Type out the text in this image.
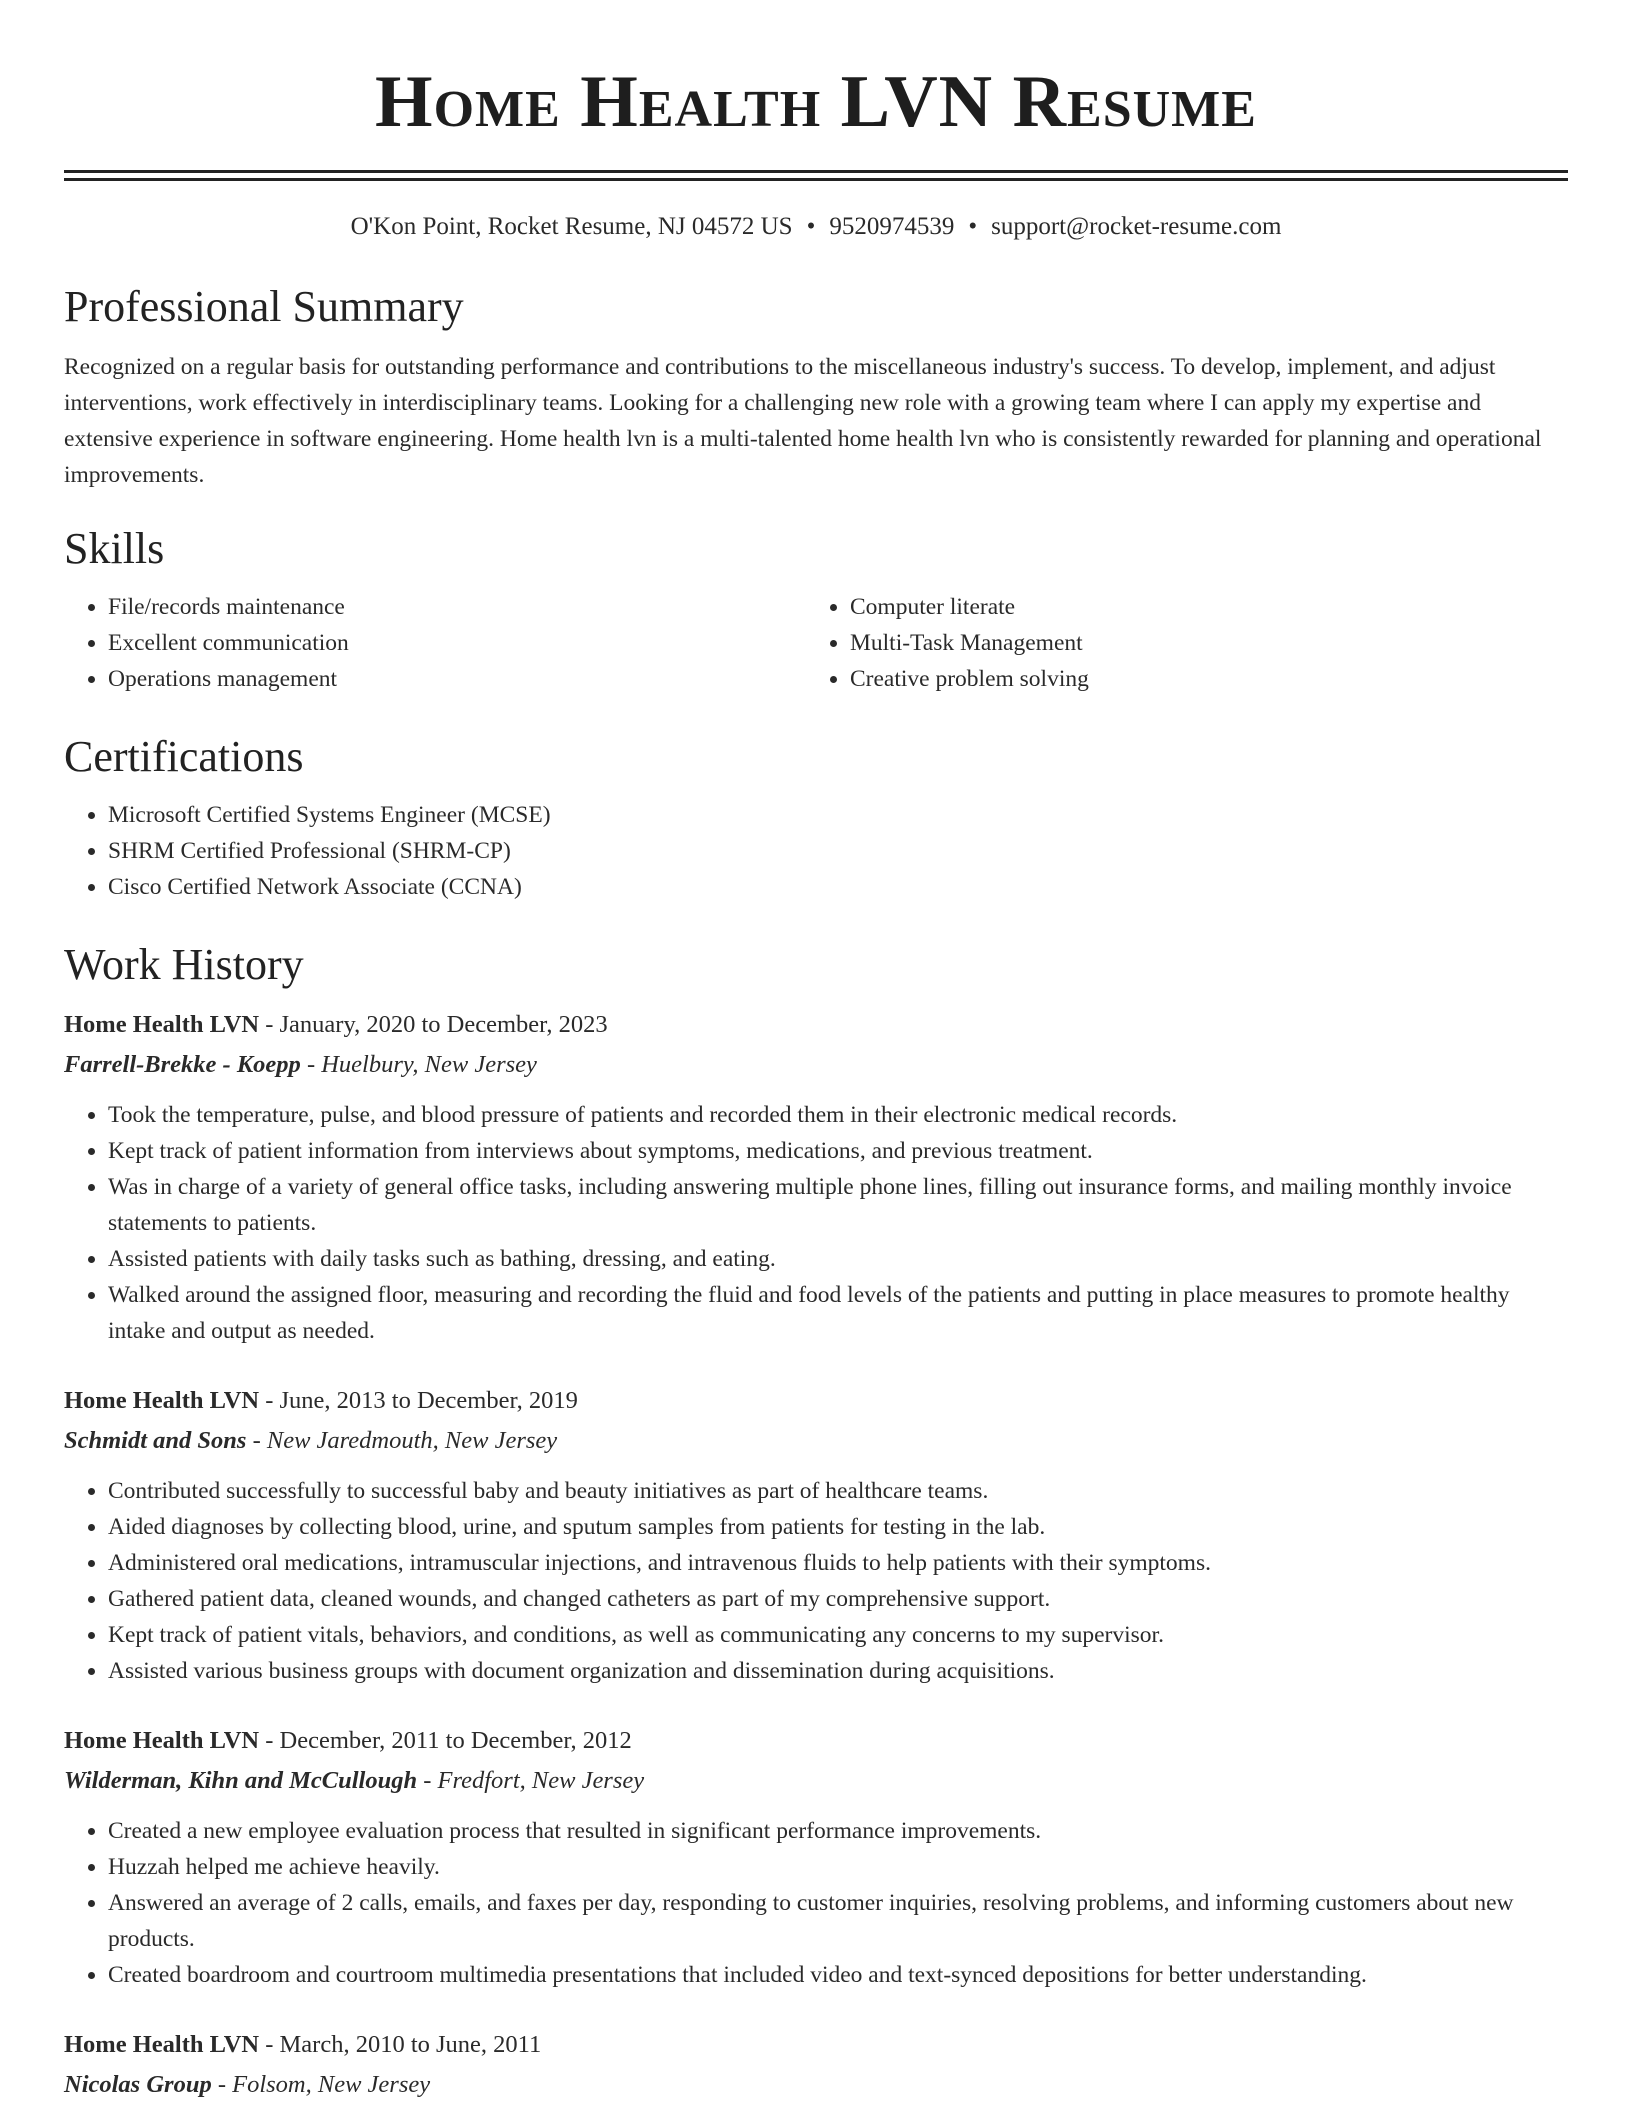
Home Health LVN Resume
O'Kon Point, Rocket Resume, NJ 04572 US • 9520974539 • support@rocket-resume.com
Professional Summary

Recognized on a regular basis for outstanding performance and contributions to the miscellaneous industry's success. To develop, implement, and adjust interventions, work effectively in interdisciplinary teams. Looking for a challenging new role with a growing team where I can apply my expertise and extensive experience in software engineering. Home health lvn is a multi-talented home health lvn who is consistently rewarded for planning and operational improvements.

Skills
• File/records maintenance
• Excellent communication
• Operations management
• Computer literate
• Multi-Task Management
• Creative problem solving
Certifications
• Microsoft Certified Systems Engineer (MCSE)
• SHRM Certified Professional (SHRM-CP)
• Cisco Certified Network Associate (CCNA)
Work History
Home Health LVN - January, 2020 to December, 2023
Farrell-Brekke - Koepp - Huelbury, New Jersey
• Took the temperature, pulse, and blood pressure of patients and recorded them in their electronic medical records.
• Kept track of patient information from interviews about symptoms, medications, and previous treatment.
• Was in charge of a variety of general office tasks, including answering multiple phone lines, filling out insurance forms, and mailing monthly invoice statements to patients.
• Assisted patients with daily tasks such as bathing, dressing, and eating.
• Walked around the assigned floor, measuring and recording the fluid and food levels of the patients and putting in place measures to promote healthy intake and output as needed.
Home Health LVN - June, 2013 to December, 2019
Schmidt and Sons - New Jaredmouth, New Jersey
• Contributed successfully to successful baby and beauty initiatives as part of healthcare teams.
• Aided diagnoses by collecting blood, urine, and sputum samples from patients for testing in the lab.
• Administered oral medications, intramuscular injections, and intravenous fluids to help patients with their symptoms.
• Gathered patient data, cleaned wounds, and changed catheters as part of my comprehensive support.
• Kept track of patient vitals, behaviors, and conditions, as well as communicating any concerns to my supervisor.
• Assisted various business groups with document organization and dissemination during acquisitions.
Home Health LVN - December, 2011 to December, 2012
Wilderman, Kihn and McCullough - Fredfort, New Jersey
• Created a new employee evaluation process that resulted in significant performance improvements.
• Huzzah helped me achieve heavily.
• Answered an average of 2 calls, emails, and faxes per day, responding to customer inquiries, resolving problems, and informing customers about new products.
• Created boardroom and courtroom multimedia presentations that included video and text-synced depositions for better understanding.
Home Health LVN - March, 2010 to June, 2011
Nicolas Group - Folsom, New Jersey
